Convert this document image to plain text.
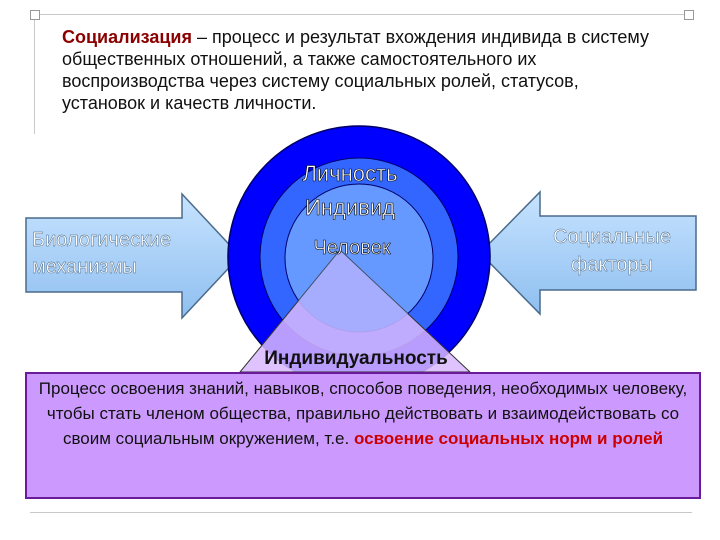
Социализация – процесс и результат вхождения индивида в систему общественных отношений, а также самостоятельного их воспроизводства через систему социальных ролей, статусов, установок и качеств личности.
Личность
Индивид
Человек
Биологические
механизмы
Социальные
факторы
Индивидуальность
Процесс освоения знаний, навыков, способов поведения, необходимых человеку, чтобы стать членом общества, правильно действовать и взаимодействовать со своим социальным окружением, т.е. освоение социальных норм и ролей
